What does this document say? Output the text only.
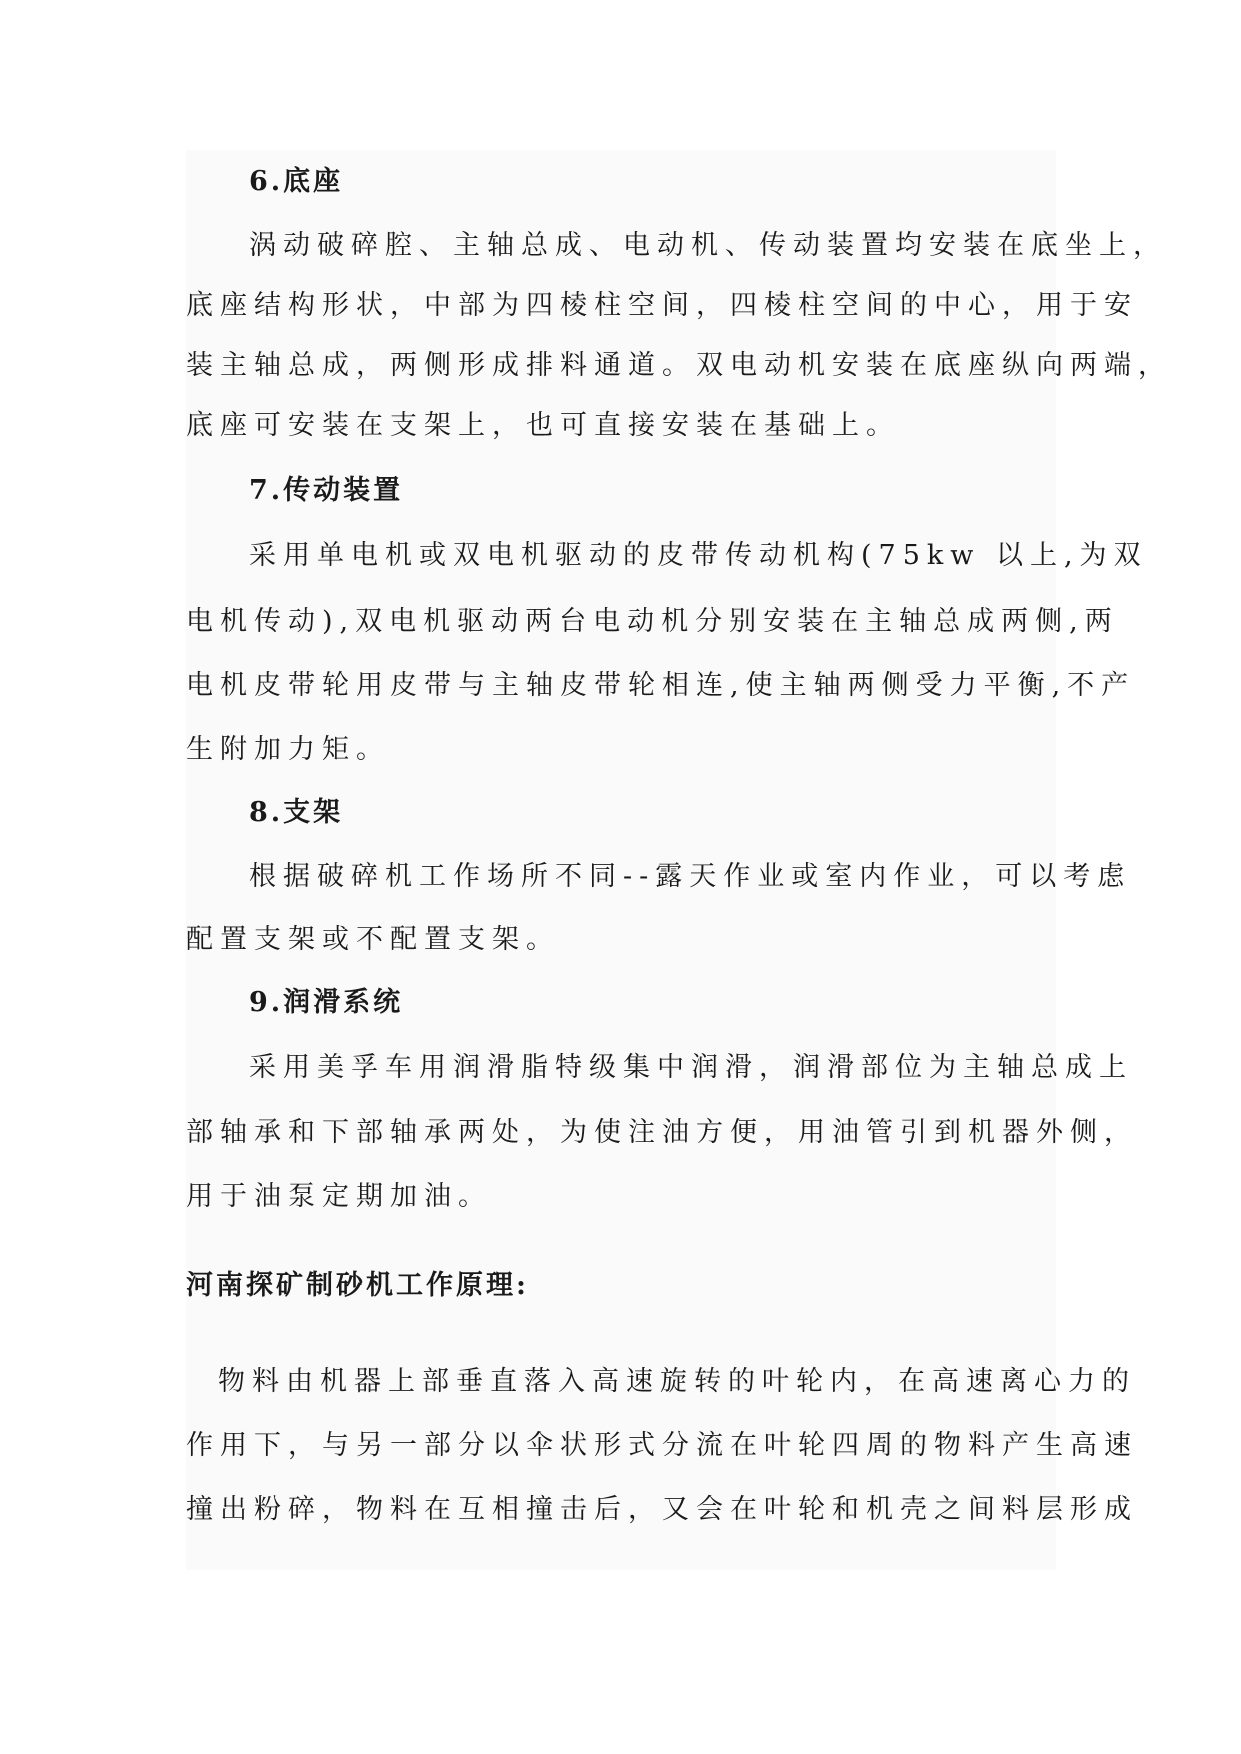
6.底座
涡动破碎腔、主轴总成、电动机、传动装置均安装在底坐上，
底座结构形状，中部为四棱柱空间，四棱柱空间的中心，用于安
装主轴总成，两侧形成排料通道。双电动机安装在底座纵向两端，
底座可安装在支架上，也可直接安装在基础上。
7.传动装置
采用单电机或双电机驱动的皮带传动机构(75kw 以上,为双
电机传动),双电机驱动两台电动机分别安装在主轴总成两侧,两
电机皮带轮用皮带与主轴皮带轮相连,使主轴两侧受力平衡,不产
生附加力矩。
8.支架
根据破碎机工作场所不同--露天作业或室内作业，可以考虑
配置支架或不配置支架。
9.润滑系统
采用美孚车用润滑脂特级集中润滑，润滑部位为主轴总成上
部轴承和下部轴承两处，为使注油方便，用油管引到机器外侧，
用于油泵定期加油。
河南探矿制砂机工作原理:
物料由机器上部垂直落入高速旋转的叶轮内，在高速离心力的
作用下，与另一部分以伞状形式分流在叶轮四周的物料产生高速
撞出粉碎，物料在互相撞击后，又会在叶轮和机壳之间料层形成
